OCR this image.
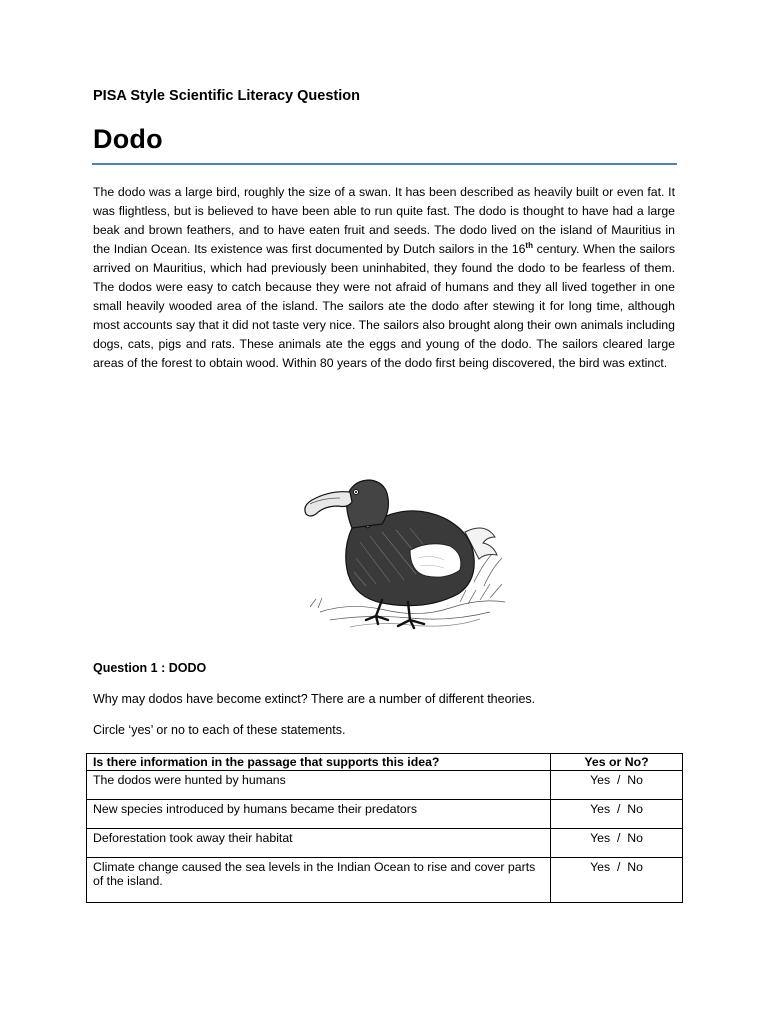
PISA Style Scientific Literacy Question
Dodo

The dodo was a large bird, roughly the size of a swan. It has been described as heavily built or even fat. It was flightless, but is believed to have been able to run quite fast. The dodo is thought to have had a large beak and brown feathers, and to have eaten fruit and seeds. The dodo lived on the island of Mauritius in the Indian Ocean. Its existence was first documented by Dutch sailors in the 16th century. When the sailors arrived on Mauritius, which had previously been uninhabited, they found the dodo to be fearless of them. The dodos were easy to catch because they were not afraid of humans and they all lived together in one small heavily wooded area of the island. The sailors ate the dodo after stewing it for long time, although most accounts say that it did not taste very nice. The sailors also brought along their own animals including dogs, cats, pigs and rats. These animals ate the eggs and young of the dodo. The sailors cleared large areas of the forest to obtain wood. Within 80 years of the dodo first being discovered, the bird was extinct.

Question 1 : DODO
Why may dodos have become extinct? There are a number of different theories.
Circle ‘yes’ or no to each of these statements.
Is there information in the passage that supports this idea?	Yes or No?
The dodos were hunted by humans	Yes  /  No
New species introduced by humans became their predators	Yes  /  No
Deforestation took away their habitat	Yes  /  No
Climate change caused the sea levels in the Indian Ocean to rise and cover parts of the island.	Yes  /  No
